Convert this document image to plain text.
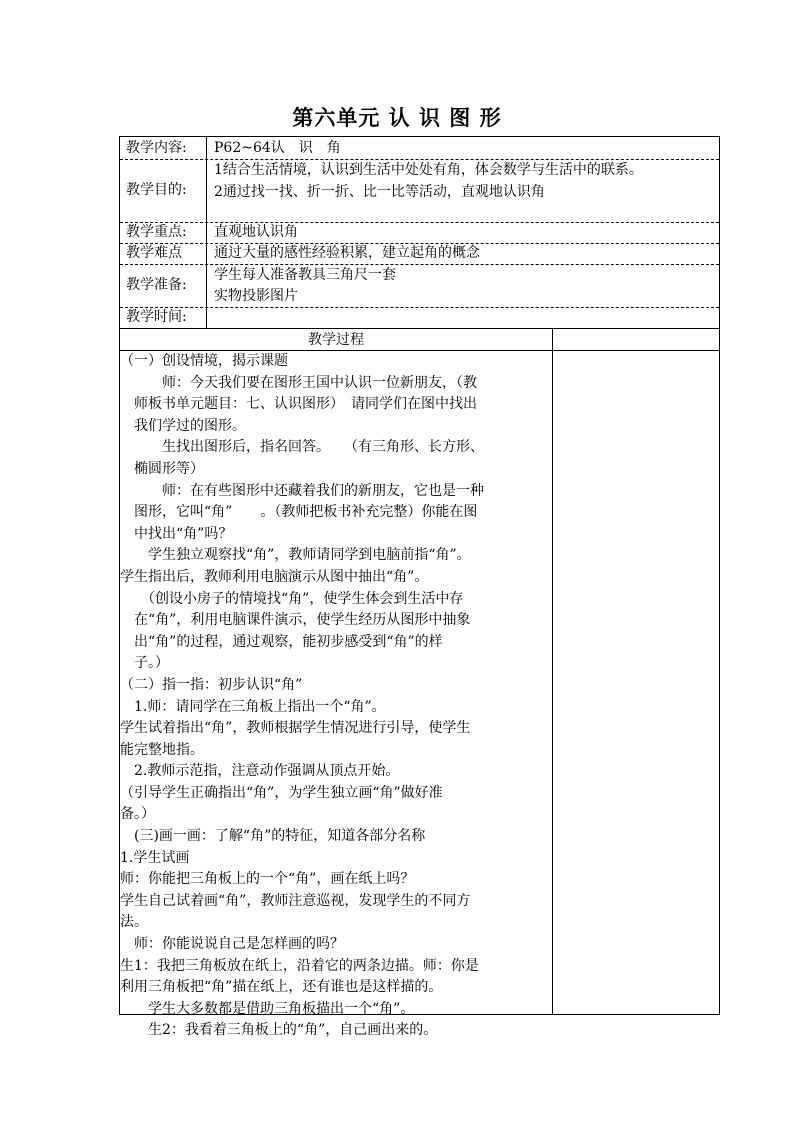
第六单元 认 识 图 形
教学内容: P62~64认　识　角
教学目的:
1结合生活情境，认识到生活中处处有角，体会数学与生活中的联系。
2通过找一找、折一折、比一比等活动，直观地认识角
教学重点: 直观地认识角
教学难点 通过大量的感性经验积累，建立起角的概念
教学准备:
学生每人准备教具三角尺一套
实物投影图片
教学时间:
教学过程

（一）创设情境，揭示课题

　　　师：今天我们要在图形王国中认识一位新朋友，（教

　师板书单元题目：七、认识图形）　请同学们在图中找出

　我们学过的图形。

　　　生找出图形后，指名回答。　　（有三角形、长方形、

　椭圆形等）

　　　师：在有些图形中还藏着我们的新朋友，它也是一种

　图形，它叫“角”　　。（教师把板书补充完整）你能在图

　中找出“角”吗？

　　学生独立观察找“角”，教师请同学到电脑前指“角”。

学生指出后，教师利用电脑演示从图中抽出“角”。

　　（创设小房子的情境找“角”，使学生体会到生活中存

　在“角”，利用电脑课件演示，使学生经历从图形中抽象

　出“角”的过程，通过观察，能初步感受到“角”的样

　子。）

（二）指一指：初步认识“角”

　1.师：请同学在三角板上指出一个“角”。

学生试着指出“角”，教师根据学生情况进行引导，使学生

能完整地指。

　2.教师示范指，注意动作强调从顶点开始。

（引导学生正确指出“角”，为学生独立画“角”做好准

备。）

　(三)画一画：了解“角”的特征，知道各部分名称

1.学生试画

师：你能把三角板上的一个“角”，画在纸上吗？

学生自己试着画“角”，教师注意巡视，发现学生的不同方

法。

　师：你能说说自己是怎样画的吗？

生1：我把三角板放在纸上，沿着它的两条边描。师：你是

利用三角板把“角”描在纸上，还有谁也是这样描的。

　　学生大多数都是借助三角板描出一个“角”。

　　生2：我看着三角板上的“角”，自己画出来的。
